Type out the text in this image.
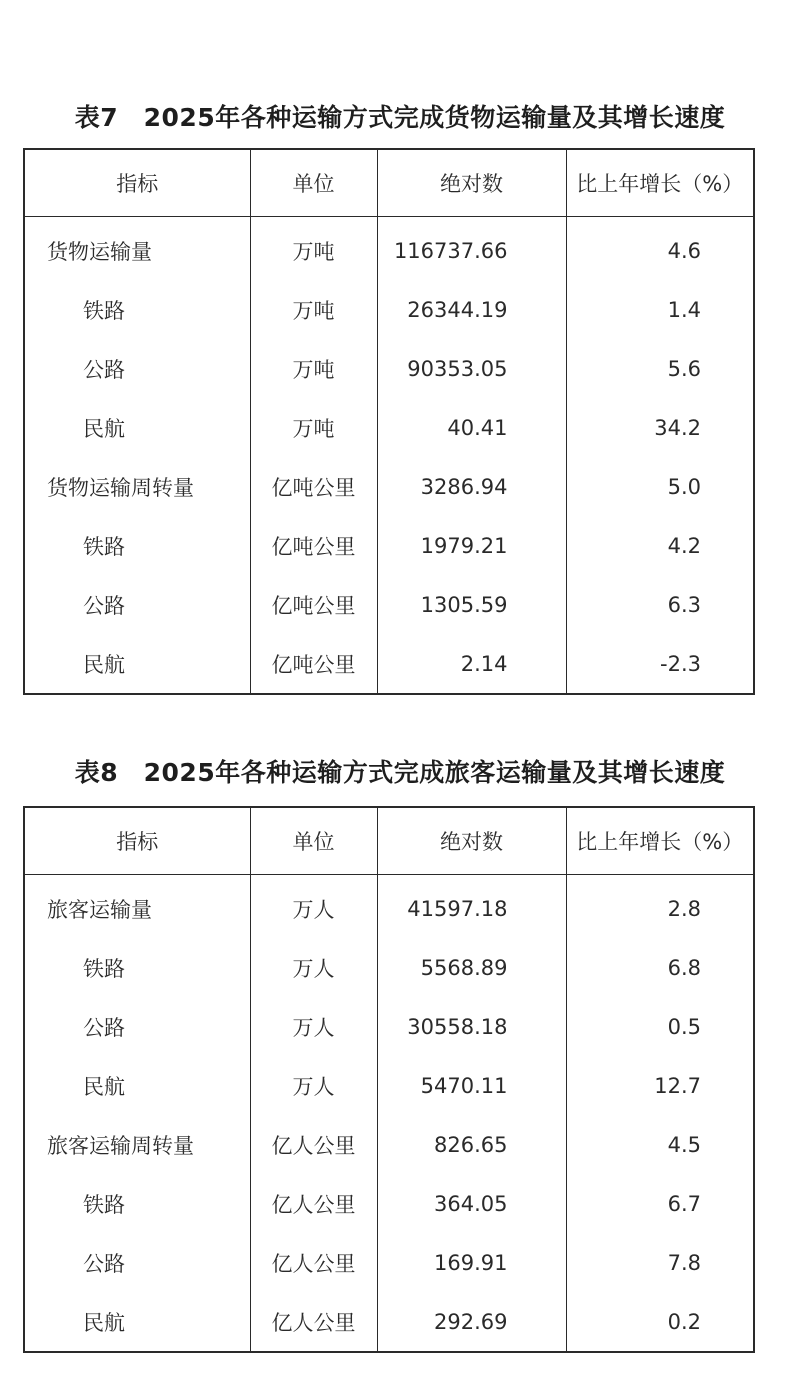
表7　2025年各种运输方式完成货物运输量及其增长速度
指标	单位	绝对数	比上年增长（%）
货物运输量	万吨	116737.66	4.6
铁路	万吨	26344.19	1.4
公路	万吨	90353.05	5.6
民航	万吨	40.41	34.2
货物运输周转量	亿吨公里	3286.94	5.0
铁路	亿吨公里	1979.21	4.2
公路	亿吨公里	1305.59	6.3
民航	亿吨公里	2.14	-2.3
表8　2025年各种运输方式完成旅客运输量及其增长速度
指标	单位	绝对数	比上年增长（%）
旅客运输量	万人	41597.18	2.8
铁路	万人	5568.89	6.8
公路	万人	30558.18	0.5
民航	万人	5470.11	12.7
旅客运输周转量	亿人公里	826.65	4.5
铁路	亿人公里	364.05	6.7
公路	亿人公里	169.91	7.8
民航	亿人公里	292.69	0.2
